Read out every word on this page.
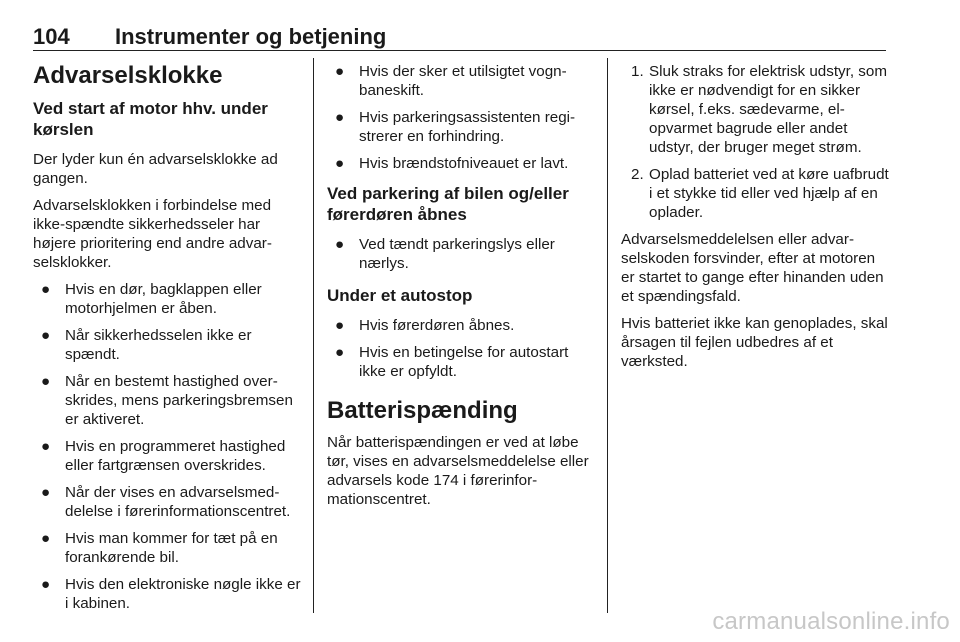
104 Instrumenter og betjening
Advarselsklokke
Ved start af motor hhv. under kørslen

Der lyder kun én advarselsklokke ad gangen.

Advarselsklokken i forbindelse med ikke-spændte sikkerhedsseler har højere prioritering end andre advarselsklokker.

● Hvis en dør, bagklappen eller motorhjelmen er åben.
● Når sikkerhedsselen ikke er spændt.
● Når en bestemt hastighed overskrides, mens parkeringsbremsen er aktiveret.
● Hvis en programmeret hastighed eller fartgrænsen overskrides.
● Når der vises en advarselsmeddelelse i førerinformationscentret.
● Hvis man kommer for tæt på en forankørende bil.
● Hvis den elektroniske nøgle ikke er i kabinen.
● Hvis der sker et utilsigtet vognbaneskift.
● Hvis parkeringsassistenten registrerer en forhindring.
● Hvis brændstofniveauet er lavt.
Ved parkering af bilen og/eller førerdøren åbnes
● Ved tændt parkeringslys eller nærlys.
Under et autostop
● Hvis førerdøren åbnes.
● Hvis en betingelse for autostart ikke er opfyldt.
Batterispænding

Når batterispændingen er ved at løbe tør, vises en advarselsmeddelelse eller advarsels kode 174 i førerinformationscentret.

1. Sluk straks for elektrisk udstyr, som ikke er nødvendigt for en sikker kørsel, f.eks. sædevarme, el-opvarmet bagrude eller andet udstyr, der bruger meget strøm.
2. Oplad batteriet ved at køre uafbrudt i et stykke tid eller ved hjælp af en oplader.

Advarselsmeddelelsen eller advarselskoden forsvinder, efter at motoren er startet to gange efter hinanden uden et spændingsfald.

Hvis batteriet ikke kan genoplades, skal årsagen til fejlen udbedres af et værksted.

carmanualsonline.info
